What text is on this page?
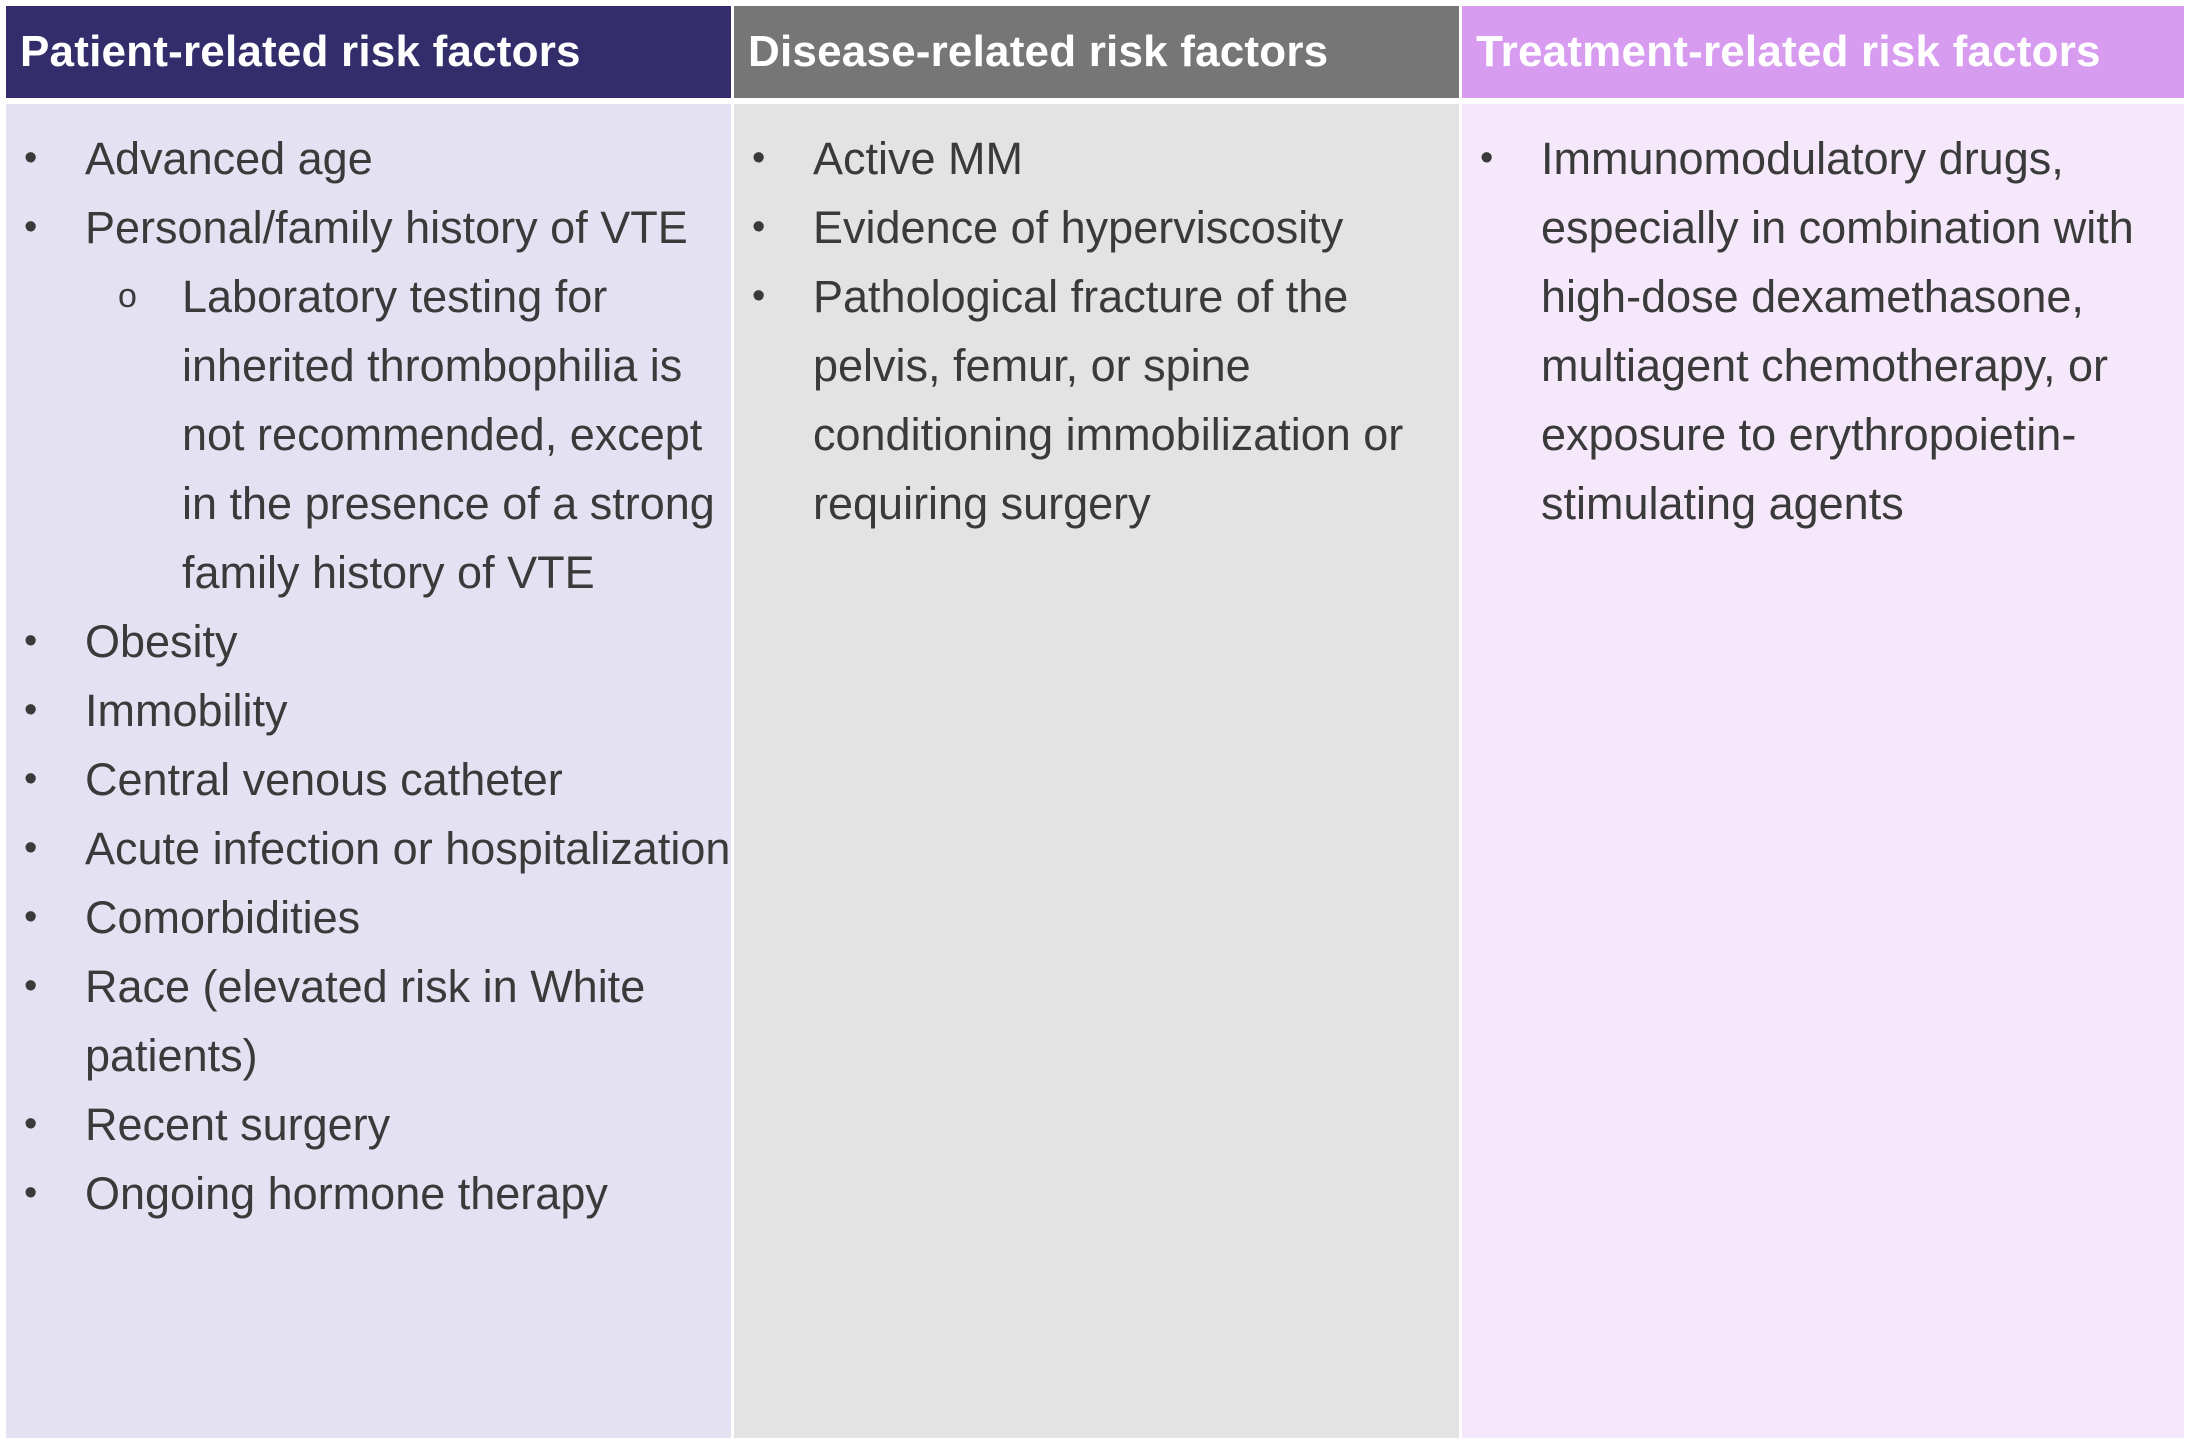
Patient-related risk factors	Disease-related risk factors	Treatment-related risk factors
• Advanced age
• Personal/family history of VTE
o Laboratory testing for inherited thrombophilia is not recommended, except in the presence of a strong family history of VTE
• Obesity
• Immobility
• Central venous catheter
• Acute infection or hospitalization
• Comorbidities
• Race (elevated risk in White patients)
• Recent surgery
• Ongoing hormone therapy
• Active MM
• Evidence of hyperviscosity
• Pathological fracture of the pelvis, femur, or spine conditioning immobilization or requiring surgery
• Immunomodulatory drugs, especially in combination with high-dose dexamethasone, multiagent chemotherapy, or exposure to erythropoietin-stimulating agents
